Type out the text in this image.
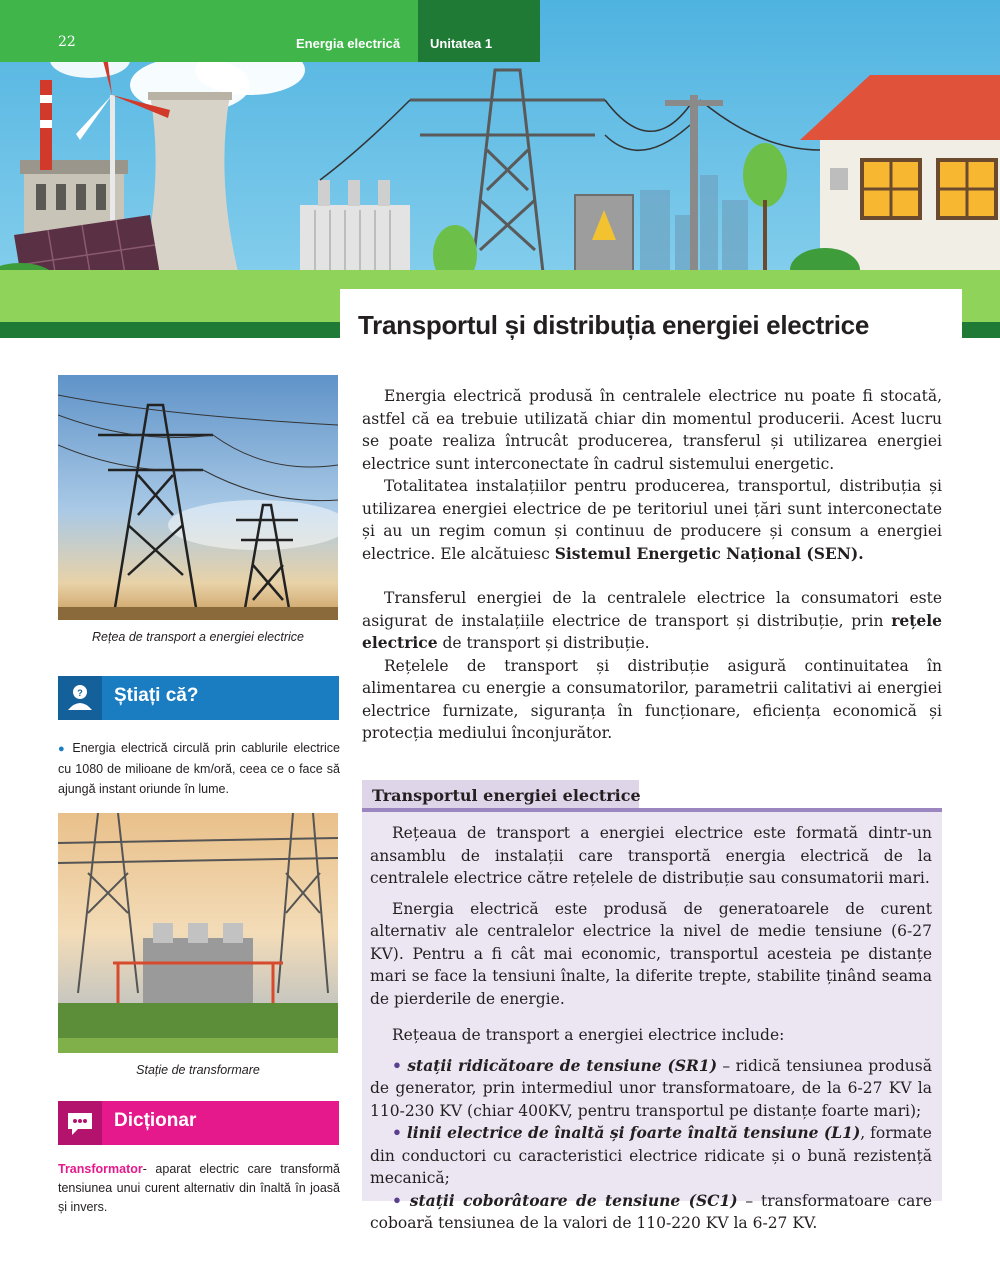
22	Energia electrică Unitatea 1
Transportul și distribuția energiei electrice
Rețea de transport a energiei electrice
? Știați că?
● Energia electrică circulă prin cablurile electrice cu 1080 de milioane de km/oră, ceea ce o face să ajungă instant oriunde în lume.
Stație de transformare
Dicționar
Transformator- aparat electric care transformă tensiunea unui curent alternativ din înaltă în joasă și invers.

Energia electrică produsă în centralele electrice nu poate fi stocată, astfel că ea trebuie utilizată chiar din momentul producerii. Acest lucru se poate realiza întrucât producerea, transferul și utilizarea energiei electrice sunt interconectate în cadrul sistemului energetic.

Totalitatea instalațiilor pentru producerea, transportul, distribuția și utilizarea energiei electrice de pe teritoriul unei țări sunt interconectate și au un regim comun și continuu de producere și consum a energiei electrice. Ele alcătuiesc Sistemul Energetic Național (SEN).

Transferul energiei de la centralele electrice la consumatori este asigurat de instalațiile electrice de transport și distribuție, prin rețele electrice de transport și distribuție.

Rețelele de transport și distribuție asigură continuitatea în alimentarea cu energie a consumatorilor, parametrii calitativi ai energiei electrice furnizate, siguranța în funcționare, eficiența economică și protecția mediului înconjurător.

Transportul energiei electrice

Rețeaua de transport a energiei electrice este formată dintr-un ansamblu de instalații care transportă energia electrică de la centralele electrice către rețelele de distribuție sau consumatorii mari.

Energia electrică este produsă de generatoarele de curent alternativ ale centralelor electrice la nivel de medie tensiune (6-27 KV). Pentru a fi cât mai economic, transportul acesteia pe distanțe mari se face la tensiuni înalte, la diferite trepte, stabilite ținând seama de pierderile de energie.

Rețeaua de transport a energiei electrice include:

• stații ridicătoare de tensiune (SR1) – ridică tensiunea produsă de generator, prin intermediul unor transformatoare, de la 6-27 KV la 110-230 KV (chiar 400KV, pentru transportul pe distanțe foarte mari);
• linii electrice de înaltă și foarte înaltă tensiune (L1), formate din conductori cu caracteristici electrice ridicate și o bună rezistență mecanică;
• stații coborâtoare de tensiune (SC1) – transformatoare care coboară tensiunea de la valori de 110-220 KV la 6-27 KV.
